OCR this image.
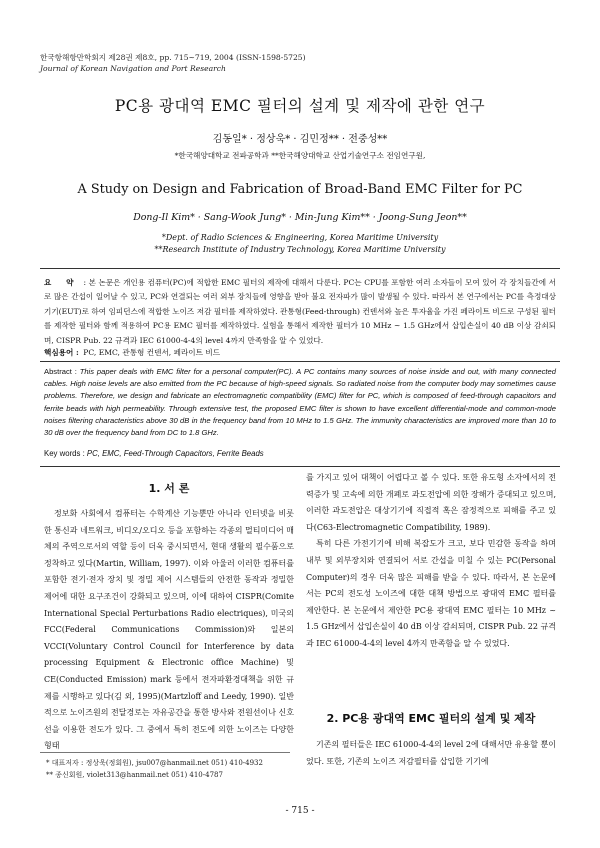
한국항해항만학회지 제28권 제8호, pp. 715~719, 2004 (ISSN-1598-5725)
Journal of Korean Navigation and Port Research
PC용 광대역 EMC 필터의 설계 및 제작에 관한 연구
김동일* · 정상욱* · 김민정** · 전중성**
*한국해양대학교 전파공학과 **한국해양대학교 산업기술연구소 전임연구원,
A Study on Design and Fabrication of Broad-Band EMC Filter for PC
Dong-Il Kim* · Sang-Wook Jung* · Min-Jung Kim** · Joong-Sung Jeon**
*Dept. of Radio Sciences & Engineering, Korea Maritime University
**Research Institute of Industry Technology, Korea Maritime University
요 약 : 본 논문은 개인용 컴퓨터(PC)에 적합한 EMC 필터의 제작에 대해서 다룬다. PC는 CPU를 포함한 여러 소자들이 모여 있어 각 장치들간에 서로 많은 간섭이 일어날 수 있고, PC와 연결되는 여러 외부 장치들에 영향을 받아 불요 전자파가 많이 발생될 수 있다. 따라서 본 연구에서는 PC를 측정대상기기(EUT)로 하여 임피던스에 적합한 노이즈 저감 필터를 제작하였다. 관통형(Feed-through) 컨덴서와 높은 투자율을 가진 페라이트 비드로 구성된 필터를 제작한 필터와 함께 적용하여 PC용 EMC 필터를 제작하였다. 실험을 통해서 제작한 필터가 10 MHz ~ 1.5 GHz에서 삽입손실이 40 dB 이상 감쇠되며, CISPR Pub. 22 규격과 IEC 61000-4-4의 level 4까지 만족함을 알 수 있었다.
핵심용어 : PC, EMC, 관통형 컨덴서, 페라이트 비드
Abstract : This paper deals with EMC filter for a personal computer(PC). A PC contains many sources of noise inside and out, with many connected cables. High noise levels are also emitted from the PC because of high-speed signals. So radiated noise from the computer body may sometimes cause problems. Therefore, we design and fabricate an electromagnetic compatibility (EMC) filter for PC, which is composed of feed-through capacitors and ferrite beads with high permeability. Through extensive test, the proposed EMC filter is shown to have excellent differential-mode and common-mode noises filtering characteristics above 30 dB in the frequency band from 10 MHz to 1.5 GHz. The immunity characteristics are improved more than 10 to 30 dB over the frequency band from DC to 1.8 GHz.
Key words : PC, EMC, Feed-Through Capacitors, Ferrite Beads
1. 서 론

정보화 사회에서 컴퓨터는 수학계산 기능뿐만 아니라 인터넷을 비롯한 통신과 네트워크, 비디오/오디오 등을 포함하는 각종의 멀티미디어 매체의 주역으로서의 역할 등이 더욱 중시되면서, 현대 생활의 필수품으로 정착하고 있다(Martin, William, 1997). 이와 아울러 이러한 컴퓨터를 포함한 전기·전자 장치 및 정밀 제어 시스템들의 안전한 동작과 정밀한 제어에 대한 요구조건이 강화되고 있으며, 이에 대하여 CISPR(Comite International Special Perturbations Radio electriques), 미국의 FCC(Federal Communications Commission)와 일본의 VCCI(Voluntary Control Council for Interference by data processing Equipment & Electronic office Machine) 및 CE(Conducted Emission) mark 등에서 전자파환경대책을 위한 규제를 시행하고 있다(김 외, 1995)(Martzloff and Leedy, 1990). 일반적으로 노이즈원의 전달경로는 자유공간을 통한 방사와 전원선이나 신호선을 이용한 전도가 있다. 그 중에서 특히 전도에 의한 노이즈는 다양한 형태

를 가지고 있어 대책이 어렵다고 볼 수 있다. 또한 유도형 소자에서의 전력증가 및 고속에 의한 개폐로 과도전압에 의한 장해가 증대되고 있으며, 이러한 과도전압은 대상기기에 직접적 혹은 잠정적으로 피해를 주고 있다(C63-Electromagnetic Compatibility, 1989).

특히 다른 가전기기에 비해 복잡도가 크고, 보다 민감한 동작을 하며 내부 및 외부장치와 연결되어 서로 간섭을 미칠 수 있는 PC(Personal Computer)의 경우 더욱 많은 피해를 받을 수 있다. 따라서, 본 논문에서는 PC의 전도성 노이즈에 대한 대책 방법으로 광대역 EMC 필터를 제안한다. 본 논문에서 제안한 PC용 광대역 EMC 필터는 10 MHz ~ 1.5 GHz에서 삽입손실이 40 dB 이상 감쇠되며, CISPR Pub. 22 규격과 IEC 61000-4-4의 level 4까지 만족함을 알 수 있었다.

2. PC용 광대역 EMC 필터의 설계 및 제작

기존의 필터들은 IEC 61000-4-4의 level 2에 대해서만 유용할 뿐이었다. 또한, 기존의 노이즈 저감필터를 삽입한 기기에

* 대표저자 : 정상욱(정회원), jsu007@hanmail.net 051) 410-4932
** 종신회원, violet313@hanmail.net 051) 410-4787
- 715 -
